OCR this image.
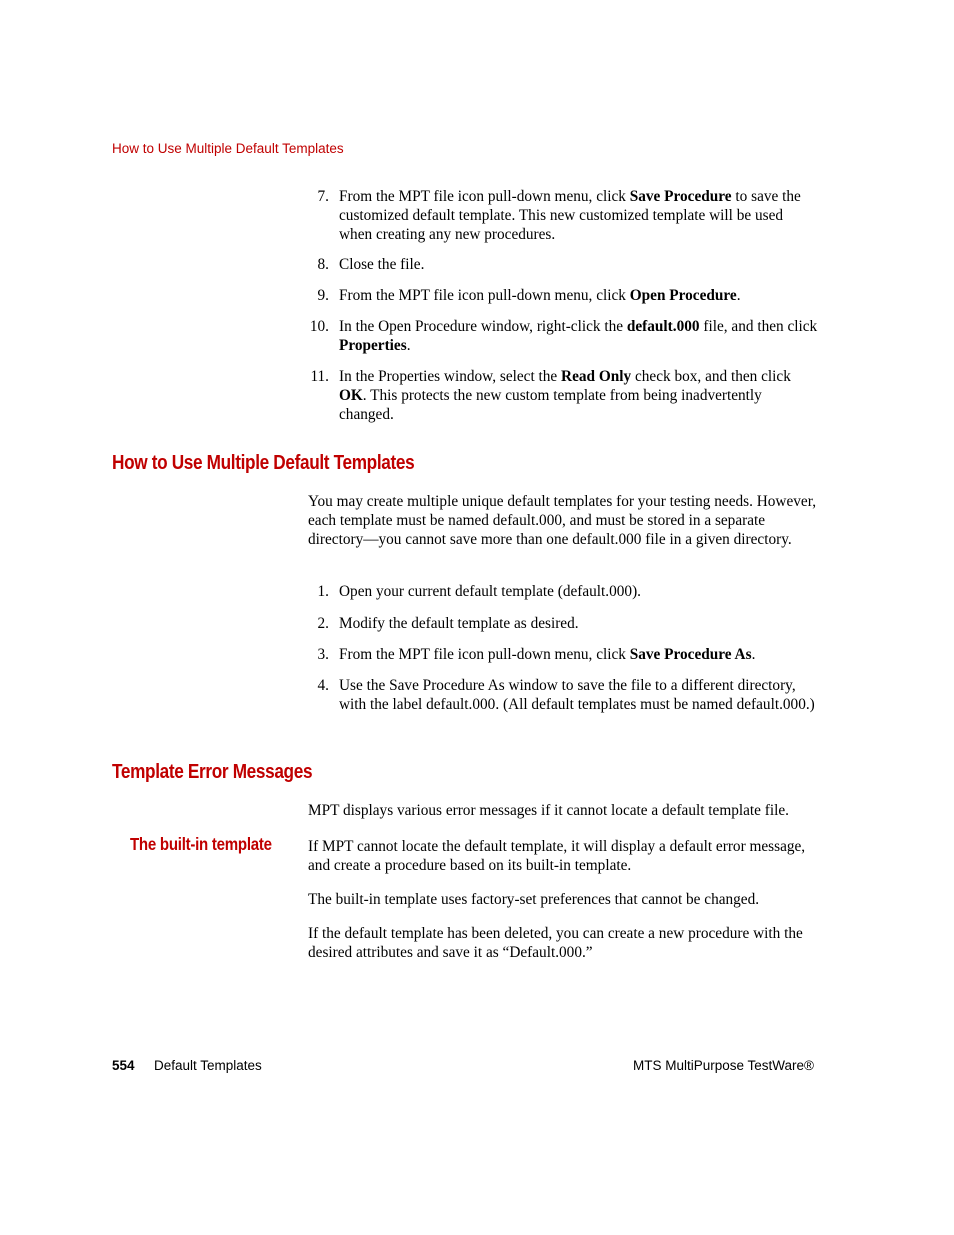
How to Use Multiple Default Templates
7. From the MPT file icon pull-down menu, click Save Procedure to save the customized default template. This new customized template will be used when creating any new procedures.
8. Close the file.
9. From the MPT file icon pull-down menu, click Open Procedure.
10. In the Open Procedure window, right-click the default.000 file, and then click Properties.
11. In the Properties window, select the Read Only check box, and then click OK. This protects the new custom template from being inadvertently changed.
How to Use Multiple Default Templates
You may create multiple unique default templates for your testing needs. However, each template must be named default.000, and must be stored in a separate directory—you cannot save more than one default.000 file in a given directory.
1. Open your current default template (default.000).
2. Modify the default template as desired.
3. From the MPT file icon pull-down menu, click Save Procedure As.
4. Use the Save Procedure As window to save the file to a different directory, with the label default.000. (All default templates must be named default.000.)
Template Error Messages
MPT displays various error messages if it cannot locate a default template file.
The built-in template If MPT cannot locate the default template, it will display a default error message, and create a procedure based on its built-in template.
The built-in template uses factory-set preferences that cannot be changed.
If the default template has been deleted, you can create a new procedure with the desired attributes and save it as “Default.000.”
554 Default Templates	MTS MultiPurpose TestWare®
